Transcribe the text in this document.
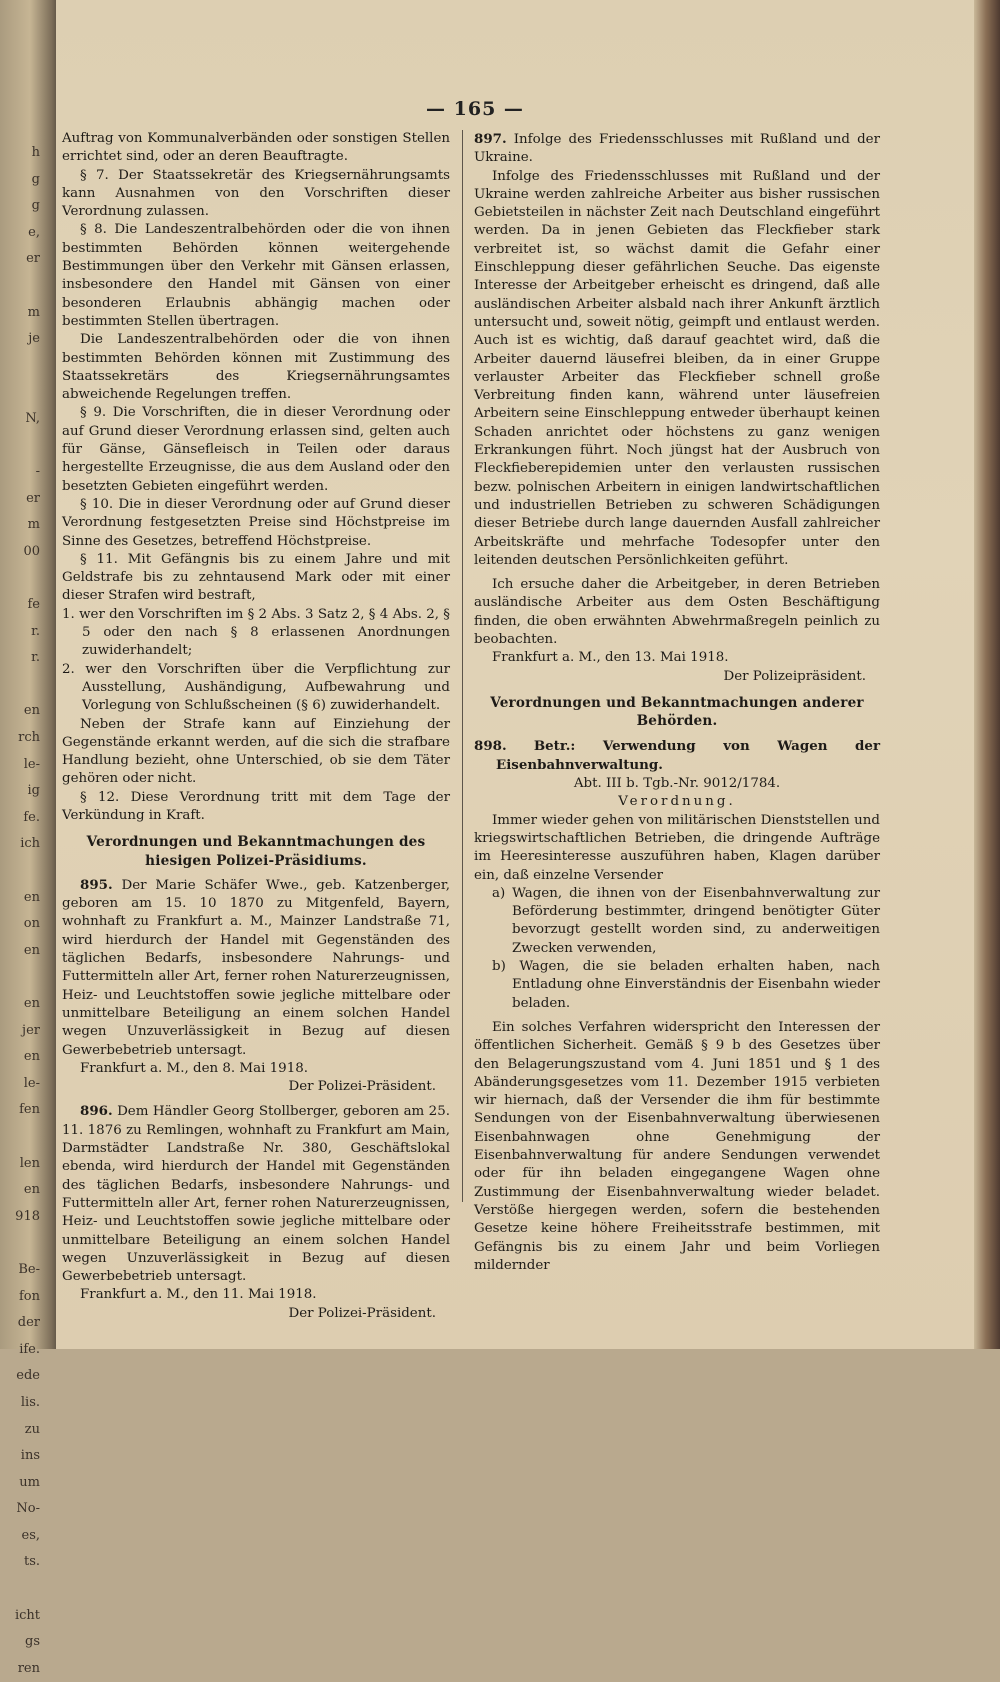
h
g
g
e,
er

m
je

N,

-
er
m
00

fe
r.
r.

en
rch
le-
ig
fe.
ich

en
on
en

en
jer
en
le-
fen

len
en
918

Be-
fon
der
ife.
ede
lis.
zu
ins
um
No-
es,
ts.

icht
gs
ren
— 165 —

Auftrag von Kommunalverbänden oder sonstigen Stellen errichtet sind, oder an deren Beauftragte.

§ 7. Der Staatssekretär des Kriegsernährungsamts kann Ausnahmen von den Vorschriften dieser Verordnung zulassen.

§ 8. Die Landeszentralbehörden oder die von ihnen bestimmten Behörden können weitergehende Bestimmungen über den Verkehr mit Gänsen erlassen, insbesondere den Handel mit Gänsen von einer besonderen Erlaubnis abhängig machen oder bestimmten Stellen übertragen.

Die Landeszentralbehörden oder die von ihnen bestimmten Behörden können mit Zustimmung des Staatssekretärs des Kriegsernährungsamtes abweichende Regelungen treffen.

§ 9. Die Vorschriften, die in dieser Verordnung oder auf Grund dieser Verordnung erlassen sind, gelten auch für Gänse, Gänsefleisch in Teilen oder daraus hergestellte Erzeugnisse, die aus dem Ausland oder den besetzten Gebieten eingeführt werden.

§ 10. Die in dieser Verordnung oder auf Grund dieser Verordnung festgesetzten Preise sind Höchstpreise im Sinne des Gesetzes, betreffend Höchstpreise.

§ 11. Mit Gefängnis bis zu einem Jahre und mit Geldstrafe bis zu zehntausend Mark oder mit einer dieser Strafen wird bestraft,

1. wer den Vorschriften im § 2 Abs. 3 Satz 2, § 4 Abs. 2, § 5 oder den nach § 8 erlassenen Anordnungen zuwiderhandelt;

2. wer den Vorschriften über die Verpflichtung zur Ausstellung, Aushändigung, Aufbewahrung und Vorlegung von Schlußscheinen (§ 6) zuwiderhandelt.

Neben der Strafe kann auf Einziehung der Gegenstände erkannt werden, auf die sich die strafbare Handlung bezieht, ohne Unterschied, ob sie dem Täter gehören oder nicht.

§ 12. Diese Verordnung tritt mit dem Tage der Verkündung in Kraft.

Verordnungen und Bekanntmachungen des hiesigen Polizei-Präsidiums.

895. Der Marie Schäfer Wwe., geb. Katzenberger, geboren am 15. 10 1870 zu Mitgenfeld, Bayern, wohnhaft zu Frankfurt a. M., Mainzer Landstraße 71, wird hierdurch der Handel mit Gegenständen des täglichen Bedarfs, insbesondere Nahrungs- und Futtermitteln aller Art, ferner rohen Naturerzeugnissen, Heiz- und Leuchtstoffen sowie jegliche mittelbare oder unmittelbare Beteiligung an einem solchen Handel wegen Unzuverlässigkeit in Bezug auf diesen Gewerbebetrieb untersagt.

Frankfurt a. M., den 8. Mai 1918.

Der Polizei-Präsident.

896. Dem Händler Georg Stollberger, geboren am 25. 11. 1876 zu Remlingen, wohnhaft zu Frankfurt am Main, Darmstädter Landstraße Nr. 380, Geschäftslokal ebenda, wird hierdurch der Handel mit Gegenständen des täglichen Bedarfs, insbesondere Nahrungs- und Futtermitteln aller Art, ferner rohen Naturerzeugnissen, Heiz- und Leuchtstoffen sowie jegliche mittelbare oder unmittelbare Beteiligung an einem solchen Handel wegen Unzuverlässigkeit in Bezug auf diesen Gewerbebetrieb untersagt.

Frankfurt a. M., den 11. Mai 1918.

Der Polizei-Präsident.

897. Infolge des Friedensschlusses mit Rußland und der Ukraine.

Infolge des Friedensschlusses mit Rußland und der Ukraine werden zahlreiche Arbeiter aus bisher russischen Gebietsteilen in nächster Zeit nach Deutschland eingeführt werden. Da in jenen Gebieten das Fleckfieber stark verbreitet ist, so wächst damit die Gefahr einer Einschleppung dieser gefährlichen Seuche. Das eigenste Interesse der Arbeitgeber erheischt es dringend, daß alle ausländischen Arbeiter alsbald nach ihrer Ankunft ärztlich untersucht und, soweit nötig, geimpft und entlaust werden. Auch ist es wichtig, daß darauf geachtet wird, daß die Arbeiter dauernd läusefrei bleiben, da in einer Gruppe verlauster Arbeiter das Fleckfieber schnell große Verbreitung finden kann, während unter läusefreien Arbeitern seine Einschleppung entweder überhaupt keinen Schaden anrichtet oder höchstens zu ganz wenigen Erkrankungen führt. Noch jüngst hat der Ausbruch von Fleckfieberepidemien unter den verlausten russischen bezw. polnischen Arbeitern in einigen landwirtschaftlichen und industriellen Betrieben zu schweren Schädigungen dieser Betriebe durch lange dauernden Ausfall zahlreicher Arbeitskräfte und mehrfache Todesopfer unter den leitenden deutschen Persönlichkeiten geführt.

Ich ersuche daher die Arbeitgeber, in deren Betrieben ausländische Arbeiter aus dem Osten Beschäftigung finden, die oben erwähnten Abwehrmaßregeln peinlich zu beobachten.

Frankfurt a. M., den 13. Mai 1918.

Der Polizeipräsident.

Verordnungen und Bekanntmachungen anderer Behörden.

898. Betr.: Verwendung von Wagen der Eisenbahnverwaltung.

Abt. III b. Tgb.-Nr. 9012/1784.

Verordnung.

Immer wieder gehen von militärischen Dienststellen und kriegswirtschaftlichen Betrieben, die dringende Aufträge im Heeresinteresse auszuführen haben, Klagen darüber ein, daß einzelne Versender

a) Wagen, die ihnen von der Eisenbahnverwaltung zur Beförderung bestimmter, dringend benötigter Güter bevorzugt gestellt worden sind, zu anderweitigen Zwecken verwenden,

b) Wagen, die sie beladen erhalten haben, nach Entladung ohne Einverständnis der Eisenbahn wieder beladen.

Ein solches Verfahren widerspricht den Interessen der öffentlichen Sicherheit. Gemäß § 9 b des Gesetzes über den Belagerungszustand vom 4. Juni 1851 und § 1 des Abänderungsgesetzes vom 11. Dezember 1915 verbieten wir hiernach, daß der Versender die ihm für bestimmte Sendungen von der Eisenbahnverwaltung überwiesenen Eisenbahnwagen ohne Genehmigung der Eisenbahnverwaltung für andere Sendungen verwendet oder für ihn beladen eingegangene Wagen ohne Zustimmung der Eisenbahnverwaltung wieder beladet. Verstöße hiergegen werden, sofern die bestehenden Gesetze keine höhere Freiheitsstrafe bestimmen, mit Gefängnis bis zu einem Jahr und beim Vorliegen mildernder
